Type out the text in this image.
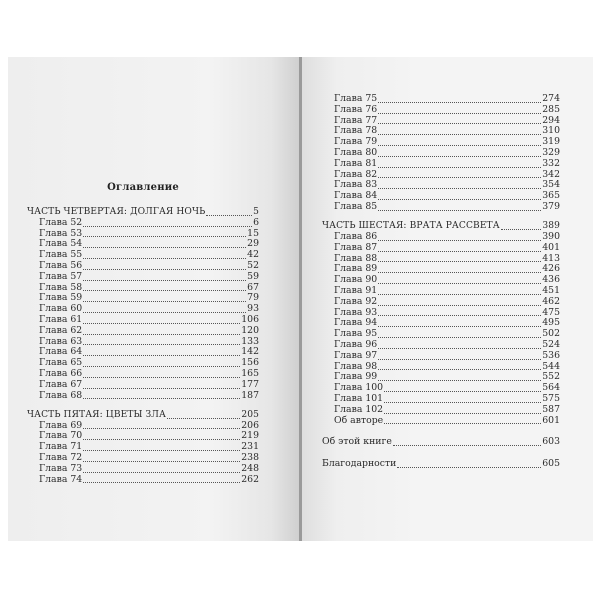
Оглавление
ЧАСТЬ ЧЕТВЕРТАЯ: ДОЛГАЯ НОЧЬ	5
Глава 52	6
Глава 53	15
Глава 54	29
Глава 55	42
Глава 56	52
Глава 57	59
Глава 58	67
Глава 59	79
Глава 60	93
Глава 61	106
Глава 62	120
Глава 63	133
Глава 64	142
Глава 65	156
Глава 66	165
Глава 67	177
Глава 68	187
ЧАСТЬ ПЯТАЯ: ЦВЕТЫ ЗЛА	205
Глава 69	206
Глава 70	219
Глава 71	231
Глава 72	238
Глава 73	248
Глава 74	262
Глава 75	274
Глава 76	285
Глава 77	294
Глава 78	310
Глава 79	319
Глава 80	329
Глава 81	332
Глава 82	342
Глава 83	354
Глава 84	365
Глава 85	379
ЧАСТЬ ШЕСТАЯ: ВРАТА РАССВЕТА	389
Глава 86	390
Глава 87	401
Глава 88	413
Глава 89	426
Глава 90	436
Глава 91	451
Глава 92	462
Глава 93	475
Глава 94	495
Глава 95	502
Глава 96	524
Глава 97	536
Глава 98	544
Глава 99	552
Глава 100	564
Глава 101	575
Глава 102	587
Об авторе	601
Об этой книге	603
Благодарности	605
